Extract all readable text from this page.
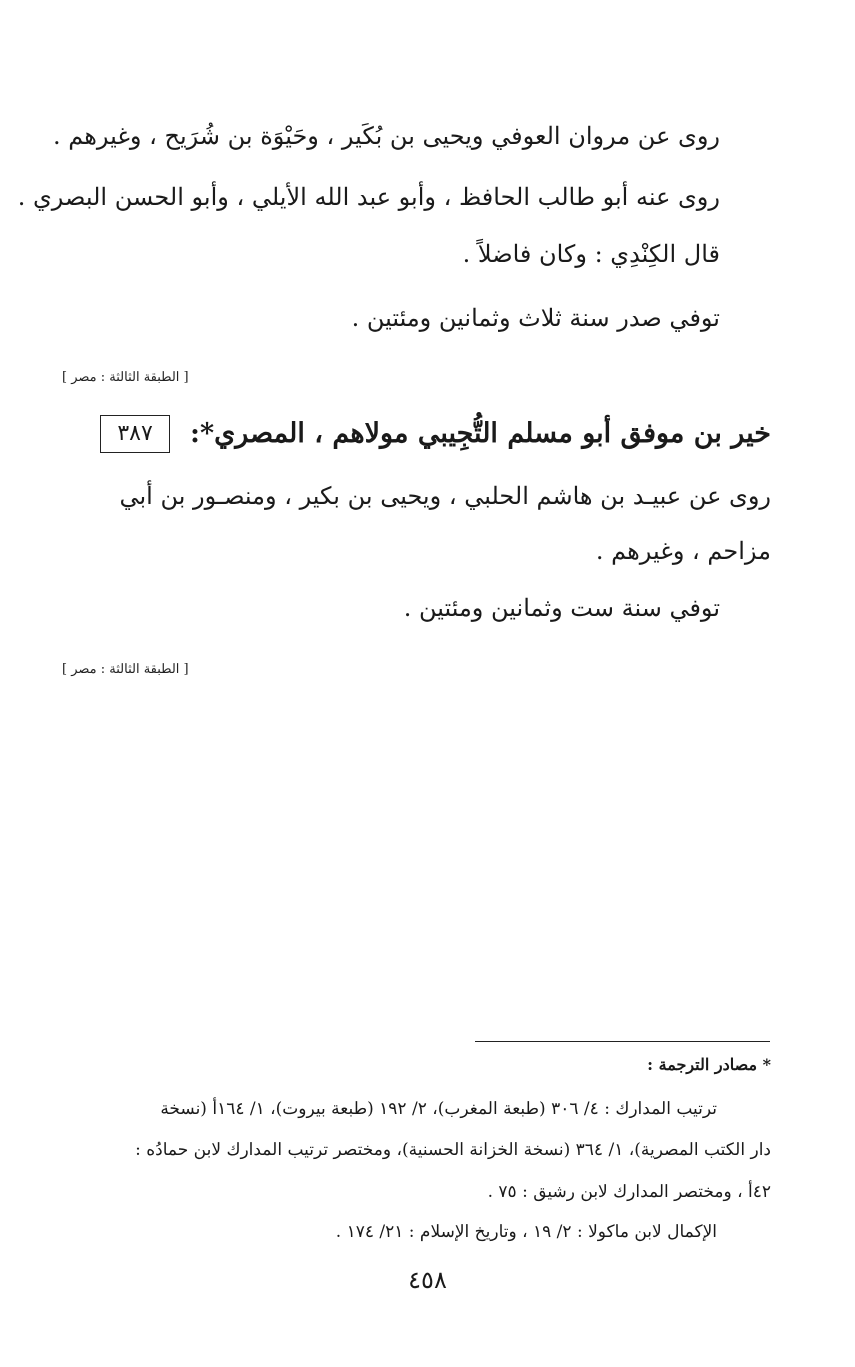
روى عن مروان العوفي ويحيى بن بُكَير ، وحَيْوَة بن شُرَيح ، وغيرهم .
روى عنه أبو طالب الحافظ ، وأبو عبد الله الأيلي ، وأبو الحسن البصري .
قال الكِنْدِي : وكان فاضلاً .
توفي صدر سنة ثلاث وثمانين ومئتين .
[ الطبقة الثالثة : مصر ]
٣٨٧	خير بن موفق أبو مسلم التُّجِيبي مولاهم ، المصري*:
روى عن عبيـد بن هاشم الحلبي ، ويحيى بن بكير ، ومنصـور بن أبي
مزاحم ، وغيرهم .
توفي سنة ست وثمانين ومئتين .
[ الطبقة الثالثة : مصر ]
* مصادر الترجمة :
ترتيب المدارك : ٤/ ٣٠٦ (طبعة المغرب)، ٢/ ١٩٢ (طبعة بيروت)، ١/ ١٦٤أ (نسخة
دار الكتب المصرية)، ١/ ٣٦٤ (نسخة الخزانة الحسنية)، ومختصر ترتيب المدارك لابن حمادُه :
٤٢أ ، ومختصر المدارك لابن رشيق : ٧٥ .
الإكمال لابن ماكولا : ٢/ ١٩ ، وتاريخ الإسلام : ٢١/ ١٧٤ .
٤٥٨
